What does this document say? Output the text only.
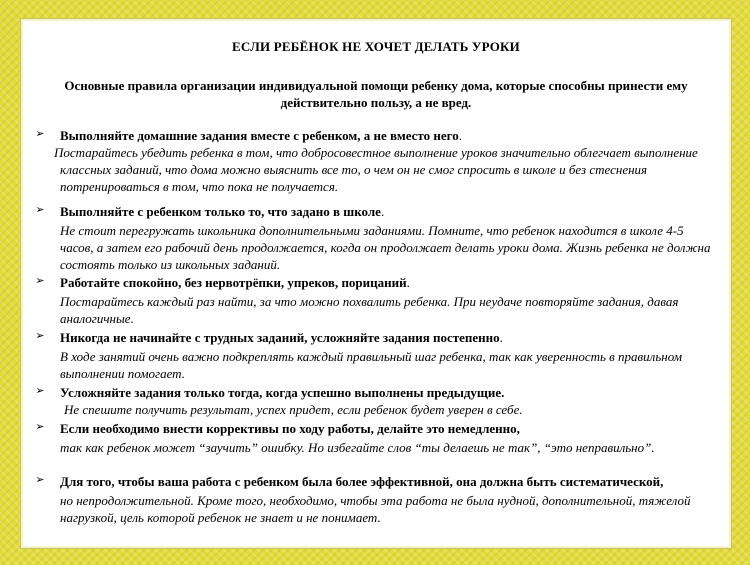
ЕСЛИ РЕБЁНОК НЕ ХОЧЕТ ДЕЛАТЬ УРОКИ
Основные правила организации индивидуальной помощи ребенку дома, которые способны принести ему действительно пользу, а не вред.
➢ Выполняйте домашние задания вместе с ребенком, а не вместо него.
Постарайтесь убедить ребенка в том, что добросовестное выполнение уроков значительно облегчает выполнение классных заданий, что дома можно выяснить все то, о чем он не смог спросить в школе и без стеснения потренироваться в том, что пока не получается.
➢ Выполняйте с ребенком только то, что задано в школе.
Не стоит перегружать школьника дополнительными заданиями. Помните, что ребенок находится в школе 4-5 часов, а затем его рабочий день продолжается, когда он продолжает делать уроки дома. Жизнь ребенка не должна состоять только из школьных заданий.
➢ Работайте спокойно, без нервотрёпки, упреков, порицаний.
Постарайтесь каждый раз найти, за что можно похвалить ребенка. При неудаче повторяйте задания, давая аналогичные.
➢ Никогда не начинайте с трудных заданий, усложняйте задания постепенно.
В ходе занятий очень важно подкреплять каждый правильный шаг ребенка, так как уверенность в правильном выполнении помогает.
➢ Усложняйте задания только тогда, когда успешно выполнены предыдущие.
Не спешите получить результат, успех придет, если ребенок будет уверен в себе.
➢ Если необходимо внести коррективы по ходу работы, делайте это немедленно,
так как ребенок может “заучить” ошибку. Но избегайте слов “ты делаешь не так”, “это неправильно”.
➢ Для того, чтобы ваша работа с ребенком была более эффективной, она должна быть систематической,
но непродолжительной. Кроме того, необходимо, чтобы эта работа не была нудной, дополнительной, тяжелой нагрузкой, цель которой ребенок не знает и не понимает.
